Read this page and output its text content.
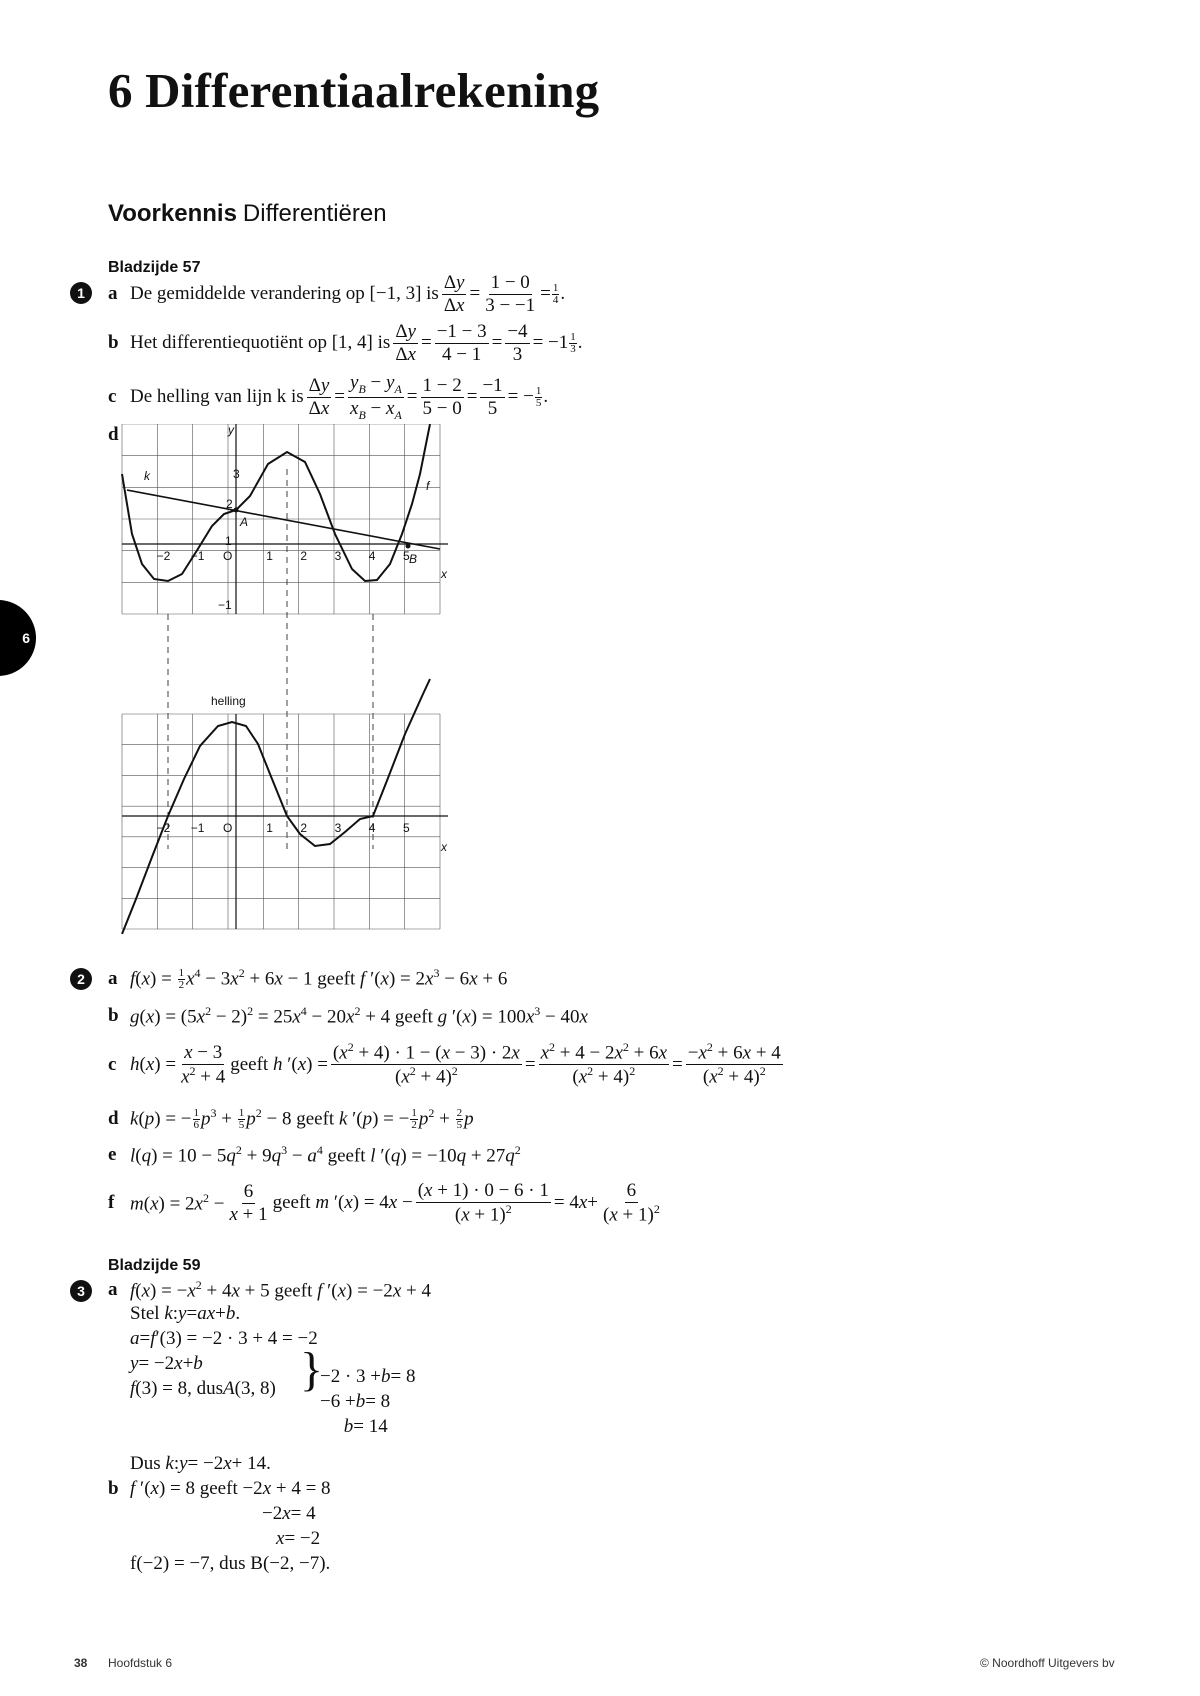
6 Differentiaalrekening
Voorkennis Differentiëren
Bladzijde 57
1	a De gemiddelde verandering op [−1, 3] is $\frac{\Delta y}{\Delta x} = \frac{1 - 0}{3 - -1} = 1$
4 .
b Het differentiequotiënt op [1, 4] is $\frac{\Delta y}{\Delta x} = \frac{-1 - 3}{4 - 1} = \frac{-4}{3} = -1$ 1
3 .
c De helling van lijn k is $\frac{\Delta y}{\Delta x} = \frac{y_B - y_A}{x_B - x_A} = \frac{1 - 2}{5 - 0} = \frac{-1}{5}$ = − 1
5 .
d	y
x
k
f
A
B
3
2
1
−1
−2 −1 O	1 2 3 4 5
helling
x
−2 −1 O	1 2 3 4 5
2	a $f(x) = \frac{1}{2} x^4 - 3x^2 + 6x - 1$ geeft f $'(x) = 2x^3 - 6x + 6$
b $g(x) = (5x^2 - 2)^2 = 25x^4 - 20x^2 + 4$ geeft g $'(x) = 100x^3 - 40x$
c $h(x) = \frac{x - 3}{x^2 + 4}$ geeft h $'(x) = \frac{(x^2 + 4) \cdot 1 - (x - 3) \cdot 2x}{(x^2 + 4)^2} = \frac{x^2 + 4 - 2x^2 + 6x}{(x^2 + 4)^2} = \frac{-x^2 + 6x + 4}{(x^2 + 4)^2}$
d k(p) = − $\frac{1}{6} p^3 + \frac{1}{5} p^2 - 8$ geeft k ′(p) = − $\frac{1}{2} p^2 + \frac{2}{5}$ p
e $l(q) = 10 - 5q^2 + 9q^3 - a^4$ geeft l $'(q) = -10q + 27q^2$
f $m(x) = 2x^2 - \frac{6}{x + 1}$ geeft m $'(x) = 4x - \frac{(x + 1) \cdot 0 - 6 \cdot 1}{(x + 1)^2} = 4$ $x + \frac{6}{(x + 1)^2}$
Bladzijde 59
3	a $f(x) = -x^2 + 4x + 5$ geeft f ′(x) = −2x + 4
Stel
k : y = ax + b .
a = f ′(3) = −2 · 3 + 4 = −2
y = −2 x + b
f (3) = 8, dus A (3, 8) }
−2 · 3 + b = 8
−6 + b = 8

b = 14
Dus
k : y = −2 x + 14.
b f ′(x) = 8 geeft −2x + 4 = 8
−2 x = 4
x = −2
f(−2) = −7, dus B(−2, −7).
6
38 Hoofdstuk 6	© Noordhoff Uitgevers bv
